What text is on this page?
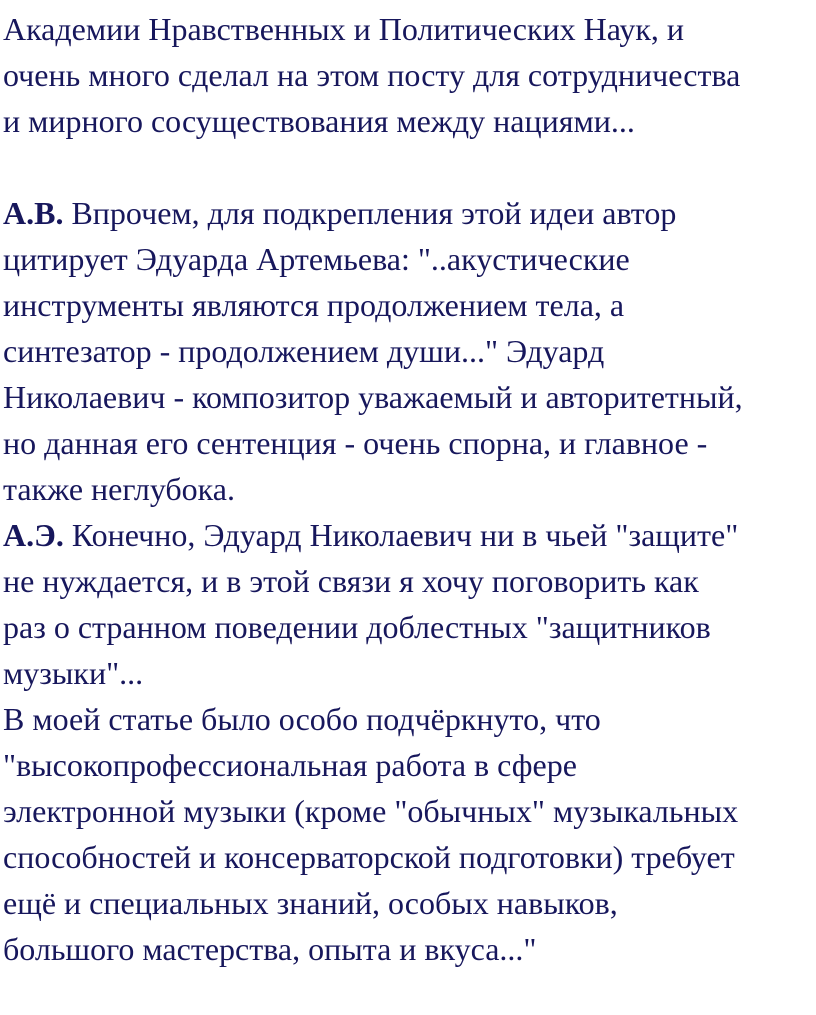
Академии Нравственных и Политических Наук, и
очень много сделал на этом посту для сотрудничества
и мирного сосуществования между нациями...
А.В. Впрочем, для подкрепления этой идеи автор
цитирует Эдуарда Артемьева: "..акустические
инструменты являются продолжением тела, а
синтезатор - продолжением души..." Эдуард
Николаевич - композитор уважаемый и авторитетный,
но данная его сентенция - очень спорна, и главное -
также неглубока.
А.Э. Конечно, Эдуард Николаевич ни в чьей "защите"
не нуждается, и в этой связи я хочу поговорить как
раз о странном поведении доблестных "защитников
музыки"...
В моей статье было особо подчёркнуто, что
"высокопрофессиональная работа в сфере
электронной музыки (кроме "обычных" музыкальных
способностей и консерваторской подготовки) требует
ещё и специальных знаний, особых навыков,
большого мастерства, опыта и вкуса..."
